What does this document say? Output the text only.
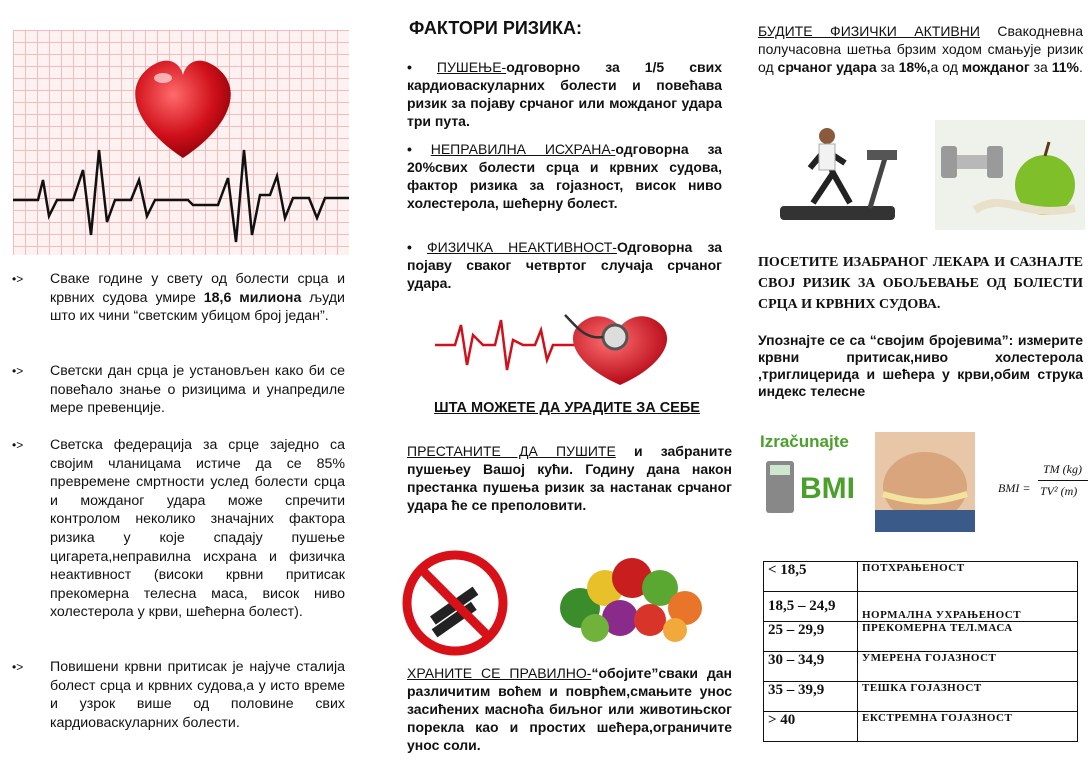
•> Сваке године у свету од болести срца и крвних судова умире 18,6 милиона људи што их чини “светским убицом број један”.
•> Светски дан срца је установљен како би се повећало знање о ризицима и унапредиле мере превенције.
•> Светска федерација за срце заједно са својим чланицама истиче да се 85% превремене смртности услед болести срца и можданог удара може спречити контролом неколико значајних фактора ризика у које спадају пушење цигарета,неправилна исхрана и физичка неактивност (високи крвни притисак прекомерна телесна маса, висок ниво холестерола у крви, шећерна болест).
•> Повишени крвни притисак је најуче сталија болест срца и крвних судова,а у исто време и узрок више од половине свих кардиоваскуларних болести.
ФАКТОРИ РИЗИКА:
• ПУШЕЊЕ-одговорно за 1/5 свих кардиоваскуларних болести и повећава ризик за појаву срчаног или можданог удара три пута.
• НЕПРАВИЛНА ИСХРАНА-одговорна за 20%свих болести срца и крвних судова, фактор ризика за гојазност, висок ниво холестерола, шећерну болест.
• ФИЗИЧКА НЕАКТИВНОСТ-Одговорна за појаву сваког четвртог случаја срчаног удара.
ШТА МОЖЕТЕ ДА УРАДИТЕ ЗА СЕБЕ
ПРЕСТАНИТЕ ДА ПУШИТЕ и забраните пушењеу Вашој кући. Годину дана након престанка пушења ризик за настанак срчаног удара ће се преполовити.
ХРАНИТЕ СЕ ПРАВИЛНО-“обојите”сваки дан различитим воћем и поврћем,смањите унос засићених масноћа биљног или животињског порекла као и простих шећера,ограничите унос соли.
БУДИТЕ ФИЗИЧКИ АКТИВНИ Свакодневна получасовна шетња брзим ходом смањује ризик од срчаног удара за 18%,а од можданог за 11%.
ПОСЕТИТЕ ИЗАБРАНОГ ЛЕКАРА И САЗНАЈТЕ СВОЈ РИЗИК ЗА ОБОЉЕВАЊЕ ОД БОЛЕСТИ СРЦА И КРВНИХ СУДОВА.
Упознајте се са “својим бројевима”: измерите крвни притисак,ниво холестерола ,триглицерида и шећера у крви,обим струка индекс телесне
Izračunajte
BMI	BMI =
TM (kg)
TV² (m)
< 18,5	ПОТХРАЊЕНОСТ
18,5 – 24,9	НОРМАЛНА УХРАЊЕНОСТ
25 – 29,9	ПРЕКОМЕРНА ТЕЛ.МАСА
30 – 34,9	УМЕРЕНА ГОЈАЗНОСТ
35 – 39,9	ТЕШКА ГОЈАЗНОСТ
> 40	ЕКСТРЕМНА ГОЈАЗНОСТ
